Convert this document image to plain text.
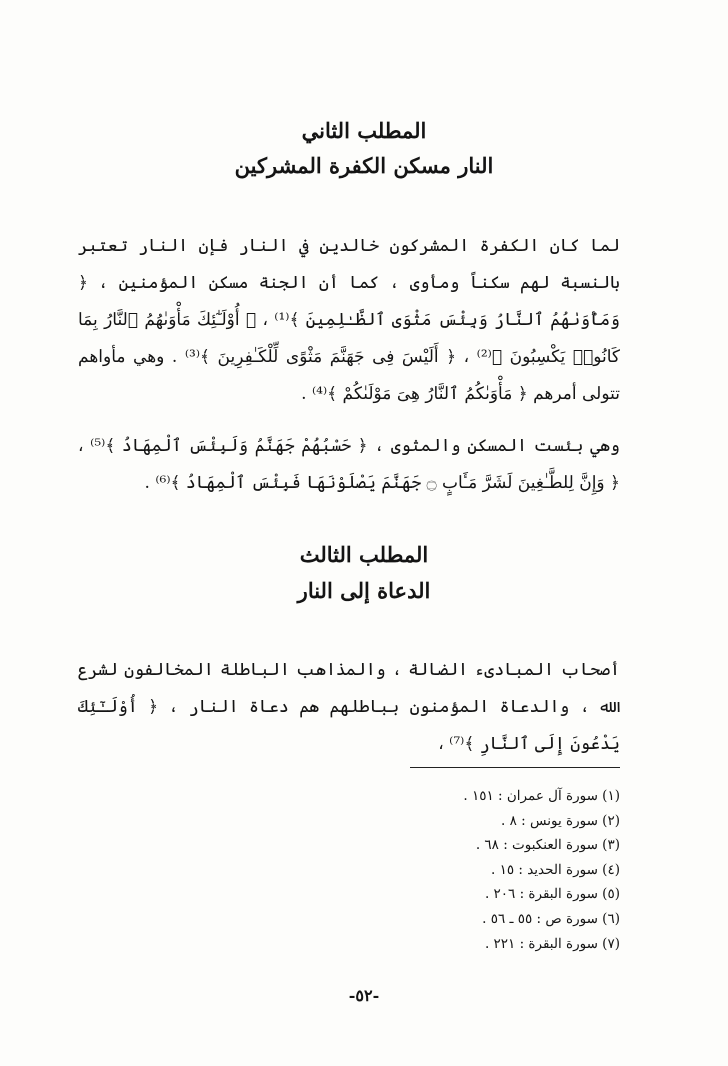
المطلب الثاني
النار مسكن الكفرة المشركين

لما كان الكفرة المشركون خالدين في النار فإن النار تعتبر بالنسبة لهم سكناً ومأوى ، كما أن الجنة مسكن المؤمنين ، ﴿ وَمَأْوَىٰهُمُ ٱلنَّارُ وَبِئْسَ مَثْوَى ٱلظَّـٰلِمِينَ ﴾⁽¹⁾ ، ﴿ أُوْلَـٰٓئِكَ مَأْوَىٰهُمُ ٱلنَّارُ بِمَا كَانُوا۟ يَكْسِبُونَ ﴾⁽²⁾ ، ﴿ أَلَيْسَ فِى جَهَنَّمَ مَثْوًى لِّلْكَـٰفِرِينَ ﴾⁽³⁾ . وهي مأواهم تتولى أمرهم ﴿ مَأْوَىٰكُمُ ٱلنَّارُ هِىَ مَوْلَىٰكُمْ ﴾⁽⁴⁾ .

وهي بئست المسكن والمثوى ، ﴿ حَسْبُهُمْ جَهَنَّمُ وَلَبِئْسَ ٱلْمِهَادُ ﴾⁽⁵⁾ ، ﴿ وَإِنَّ لِلطَّـٰغِينَ لَشَرَّ مَـَٔابٍ ۝ جَهَنَّمَ يَصْلَوْنَهَا فَبِئْسَ ٱلْمِهَادُ ﴾⁽⁶⁾ .

المطلب الثالث
الدعاة إلى النار

أصحاب المبادىء الضالة ، والمذاهب الباطلة المخالفون لشرع الله ، والدعاة المؤمنون بباطلهم هم دعاة النار ، ﴿ أُوْلَـٰٓئِكَ يَدْعُونَ إِلَى ٱلنَّارِ ﴾⁽⁷⁾ ،

(١) سورة آل عمران : ١٥١ .
(٢) سورة يونس : ٨ .
(٣) سورة العنكبوت : ٦٨ .
(٤) سورة الحديد : ١٥ .
(٥) سورة البقرة : ٢٠٦ .
(٦) سورة ص : ٥٥ ـ ٥٦ .
(٧) سورة البقرة : ٢٢١ .
-٥٢-
